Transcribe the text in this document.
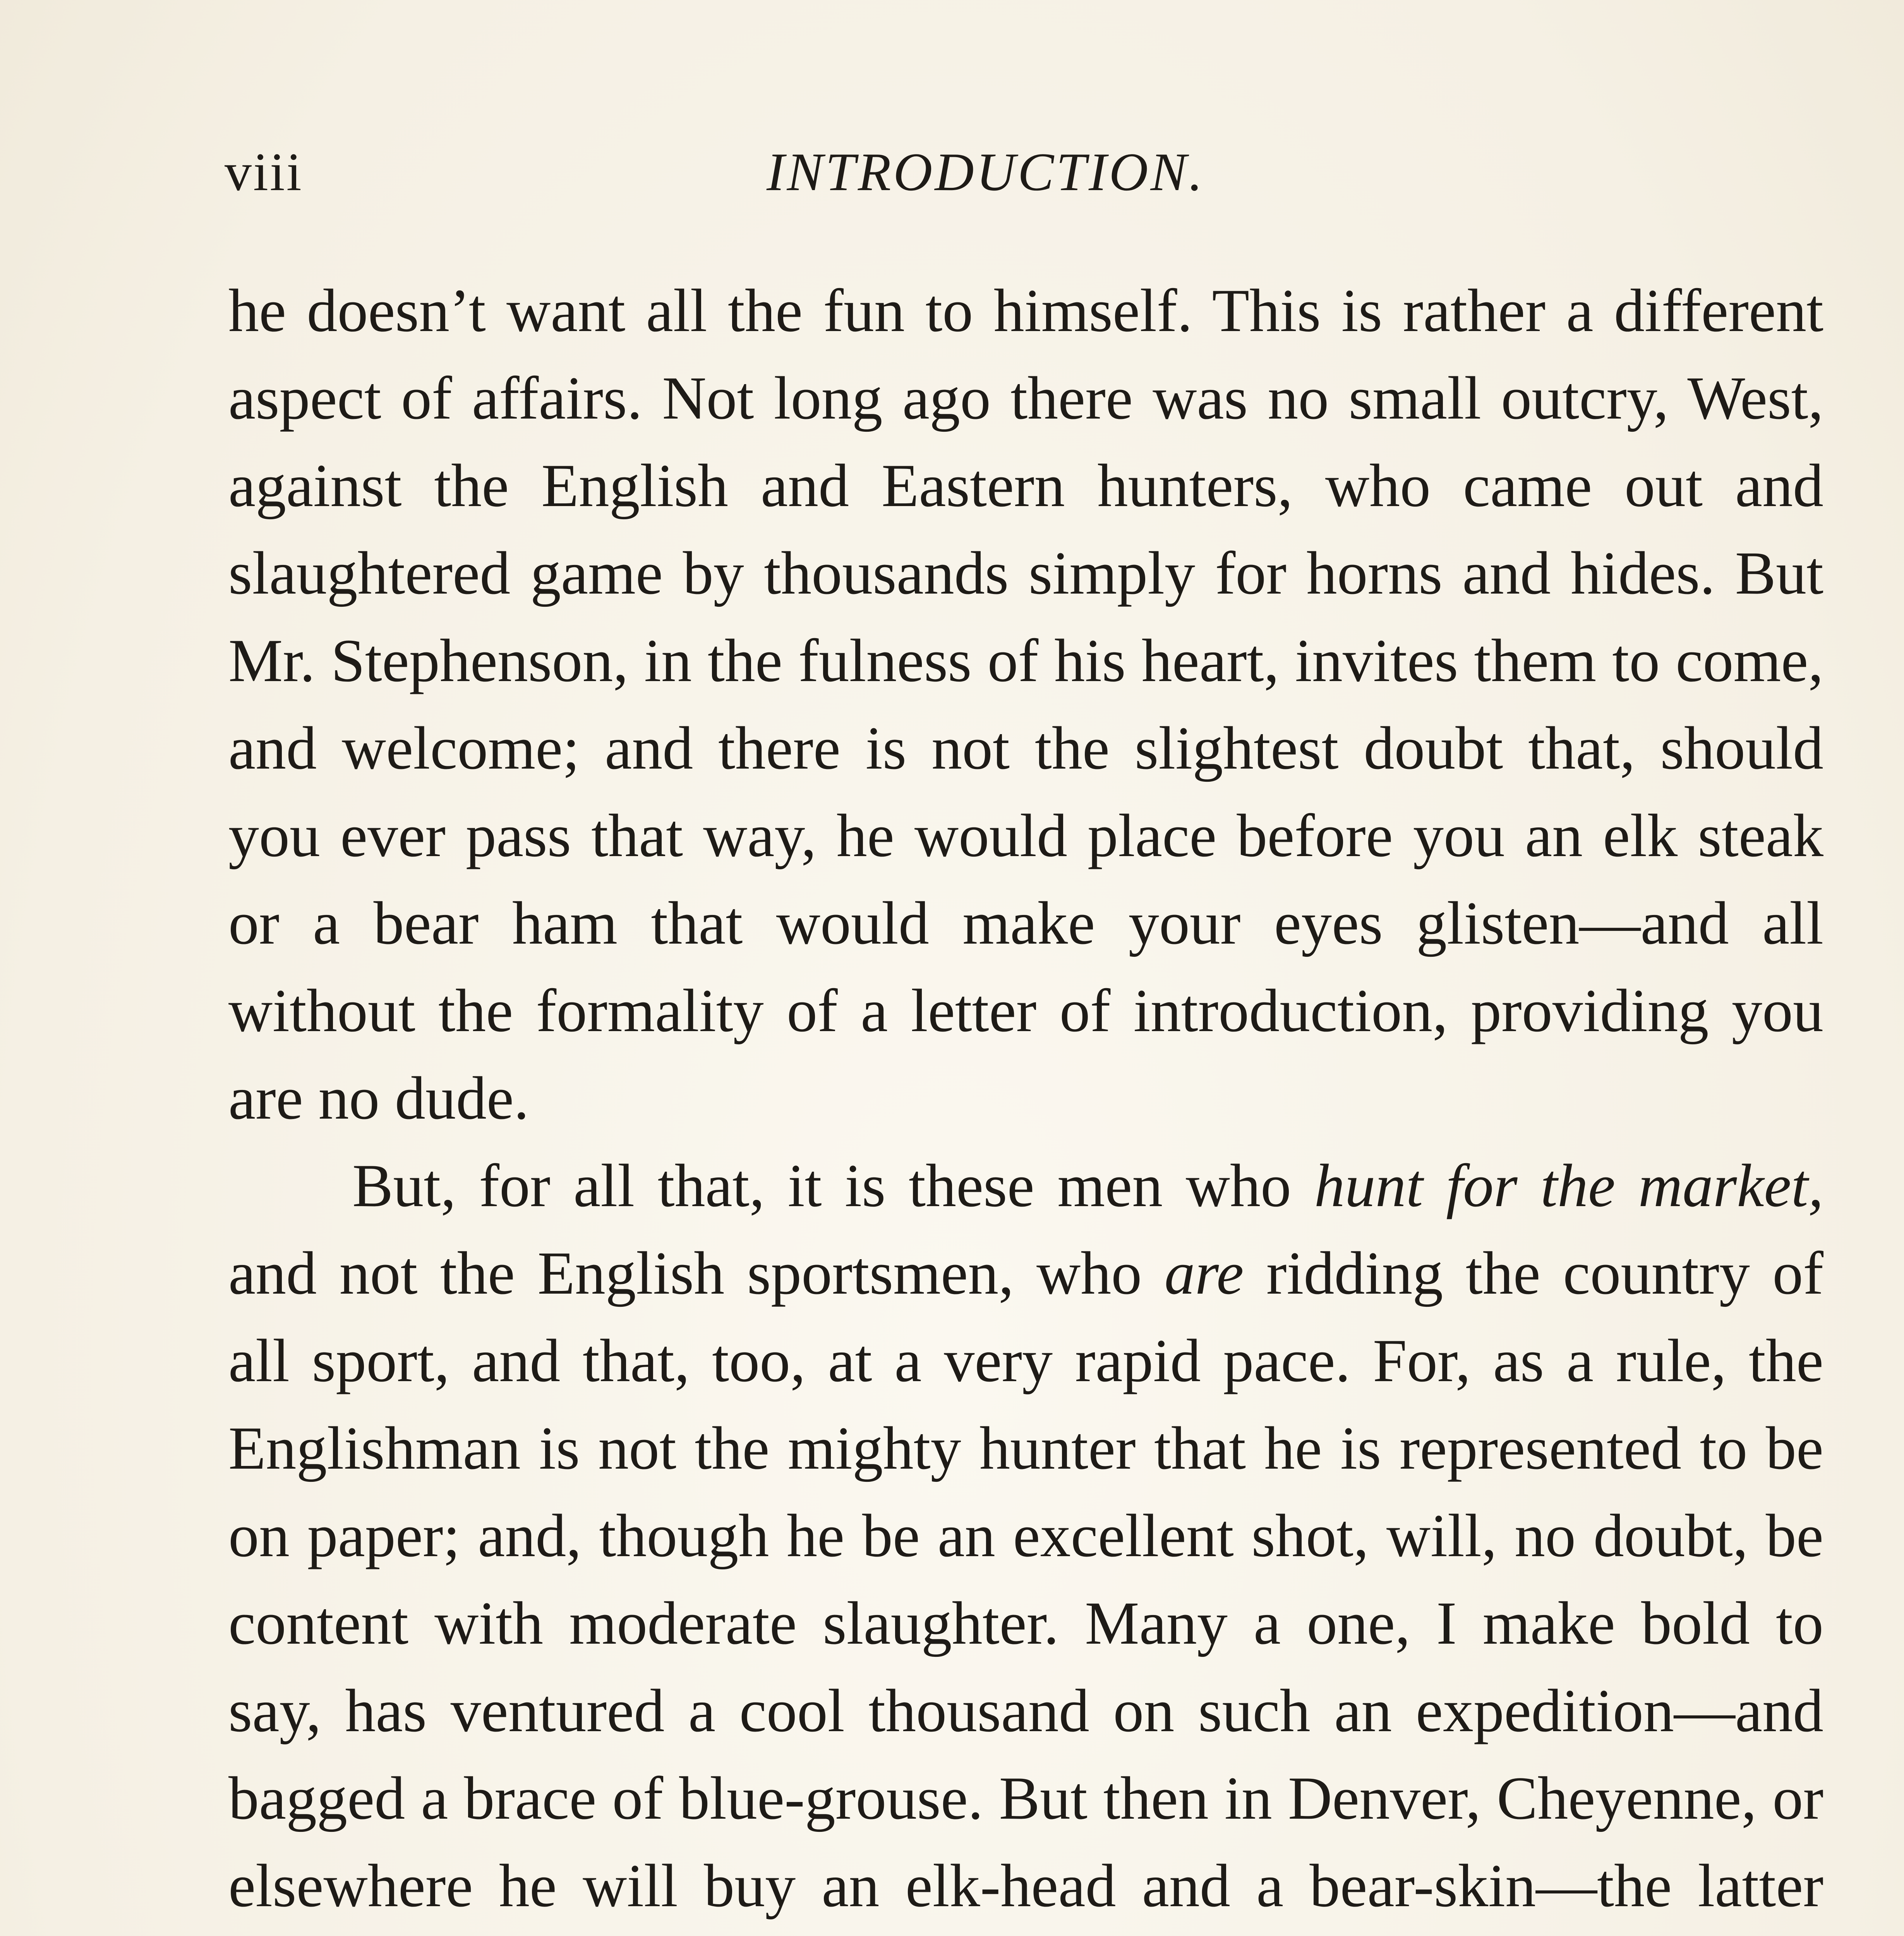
viii	INTRODUCTION.

he doesn’t want all the fun to himself. This is rather a different aspect of affairs. Not long ago there was no small outcry, West, against the English and Eastern hunters, who came out and slaughtered game by thousands simply for horns and hides. But Mr. Stephenson, in the fulness of his heart, invites them to come, and welcome; and there is not the slightest doubt that, should you ever pass that way, he would place before you an elk steak or a bear ham that would make your eyes glisten—and all without the formality of a letter of introduction, providing you are no dude.

But, for all that, it is these men who hunt for the market, and not the English sportsmen, who are ridding the country of all sport, and that, too, at a very rapid pace. For, as a rule, the Englishman is not the mighty hunter that he is represented to be on paper; and, though he be an excellent shot, will, no doubt, be content with moderate slaughter. Many a one, I make bold to say, has ventured a cool thousand on such an expedition—and bagged a brace of blue-grouse. But then in Denver, Cheyenne, or elsewhere he will buy an elk-head and a bear-skin—the latter
